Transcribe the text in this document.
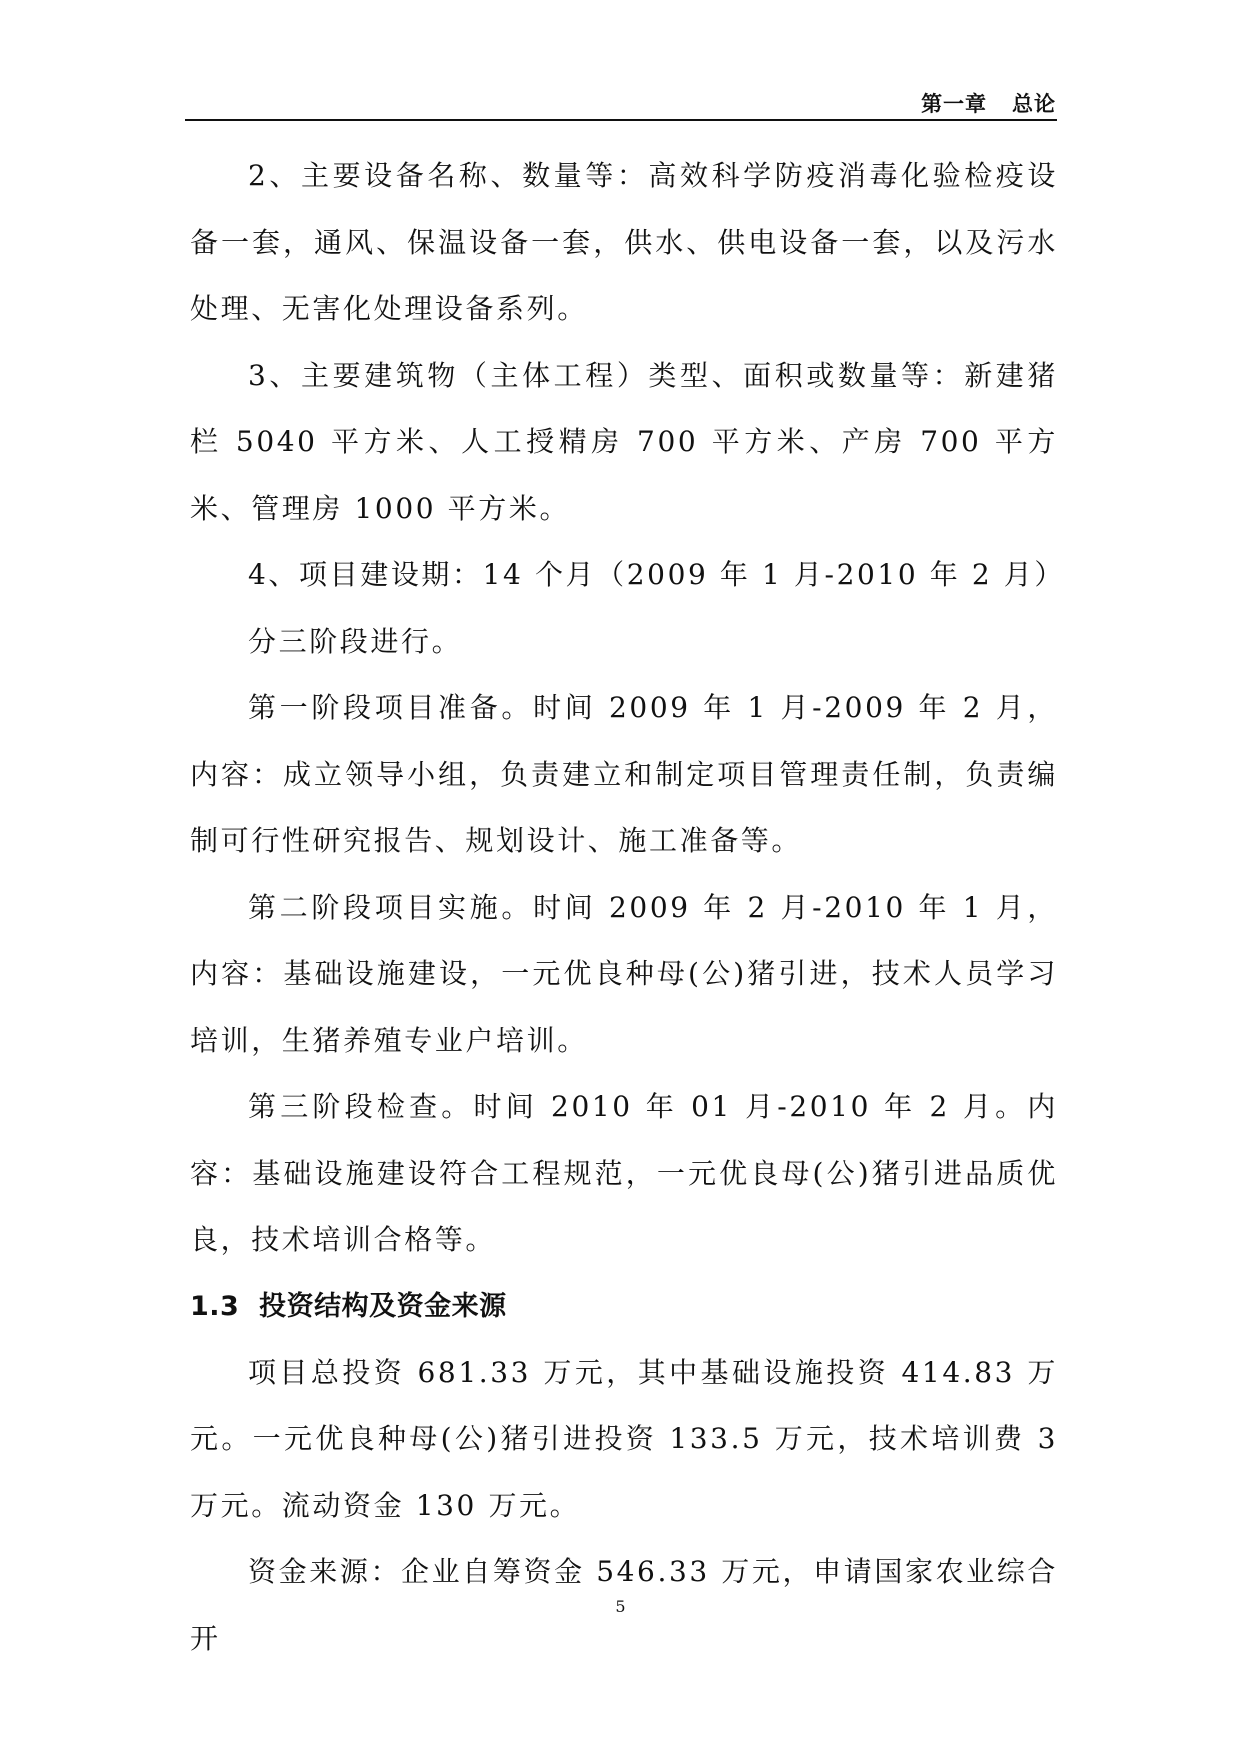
第一章 总论

2、主要设备名称、数量等：高效科学防疫消毒化验检疫设备一套，通风、保温设备一套，供水、供电设备一套，以及污水处理、无害化处理设备系列。

3、主要建筑物（主体工程）类型、面积或数量等：新建猪栏 5040 平方米、人工授精房 700 平方米、产房 700 平方米、管理房 1000 平方米。

4、项目建设期：14 个月（2009 年 1 月-2010 年 2 月）

分三阶段进行。

第一阶段项目准备。时间 2009 年 1 月-2009 年 2 月，内容：成立领导小组，负责建立和制定项目管理责任制，负责编制可行性研究报告、规划设计、施工准备等。

第二阶段项目实施。时间 2009 年 2 月-2010 年 1 月，内容：基础设施建设，一元优良种母(公)猪引进，技术人员学习培训，生猪养殖专业户培训。

第三阶段检查。时间 2010 年 01 月-2010 年 2 月。内容：基础设施建设符合工程规范，一元优良母(公)猪引进品质优良，技术培训合格等。

1.3 投资结构及资金来源

项目总投资 681.33 万元，其中基础设施投资 414.83 万元。一元优良种母(公)猪引进投资 133.5 万元，技术培训费 3 万元。流动资金 130 万元。

资金来源：企业自筹资金 546.33 万元，申请国家农业综合开

5
